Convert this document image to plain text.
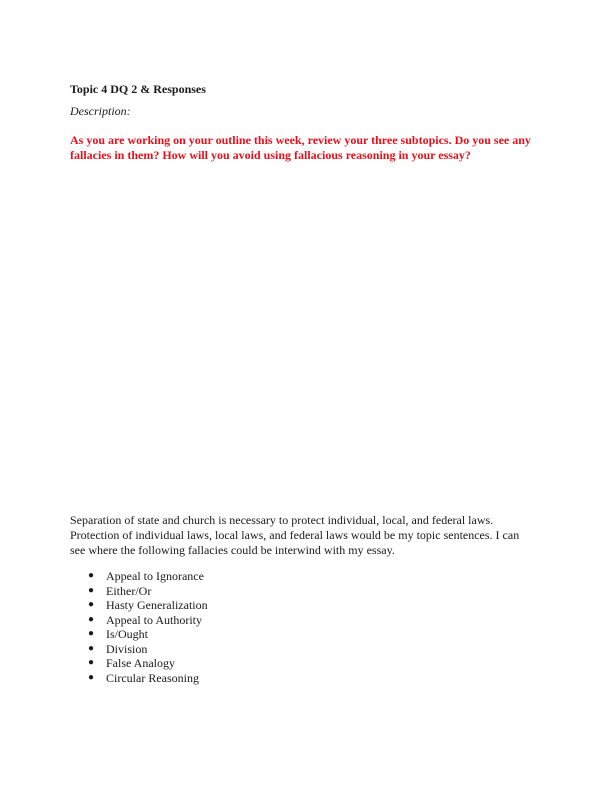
Topic 4 DQ 2 & Responses
Description:
As you are working on your outline this week, review your three subtopics. Do you see any
fallacies in them? How will you avoid using fallacious reasoning in your essay?
Separation of state and church is necessary to protect individual, local, and federal laws.
Protection of individual laws, local laws, and federal laws would be my topic sentences. I can
see where the following fallacies could be interwind with my essay.
● Appeal to Ignorance
● Either/Or
● Hasty Generalization
● Appeal to Authority
● Is/Ought
● Division
● False Analogy
● Circular Reasoning
